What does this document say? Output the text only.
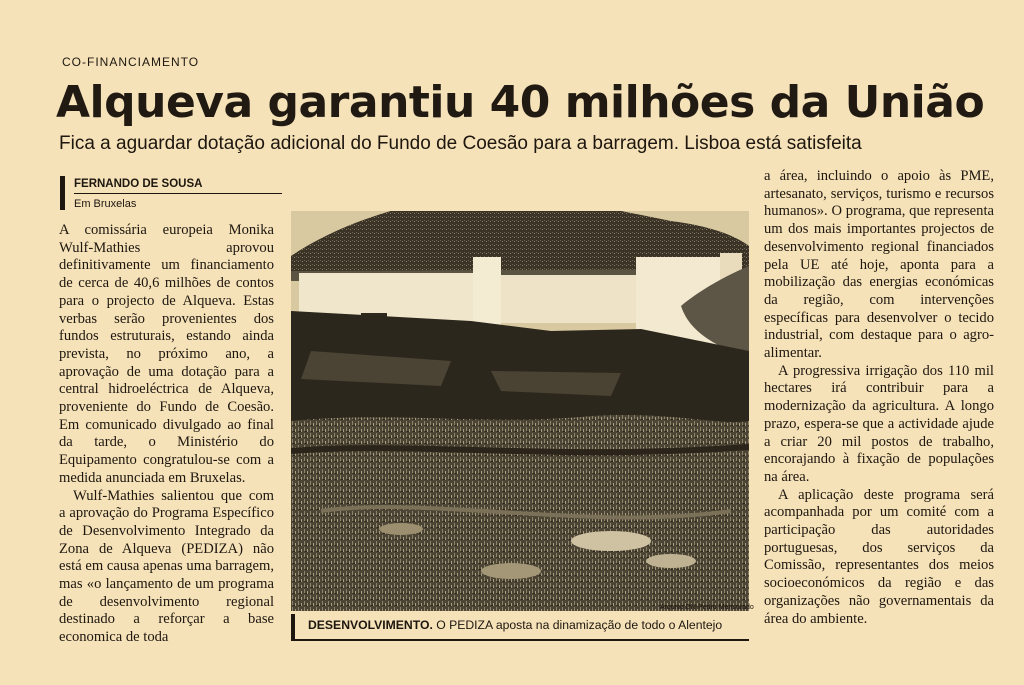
CO-FINANCIAMENTO
Alqueva garantiu 40 milhões da União
Fica a aguardar dotação adicional do Fundo de Coesão para a barragem. Lisboa está satisfeita
FERNANDO DE SOUSA
Em Bruxelas

A comissária europeia Monika Wulf-Mathies aprovou definitivamente um financiamento de cerca de 40,6 milhões de contos para o projecto de Alqueva. Estas verbas serão provenientes dos fundos estruturais, estando ainda prevista, no próximo ano, a aprovação de uma dotação para a central hidroeléctrica de Alqueva, proveniente do Fundo de Coesão. Em comunicado divulgado ao final da tarde, o Ministério do Equipamento congratulou-se com a medida anunciada em Bruxelas.

Wulf-Mathies salientou que com a aprovação do Programa Específico de Desenvolvimento Integrado da Zona de Alqueva (PEDIZA) não está em causa apenas uma barragem, mas «o lançamento de um programa de desenvolvimento regional destinado a reforçar a base economica de toda

Arquivo DN-Pedro Mensurado
DESENVOLVIMENTO. O PEDIZA aposta na dinamização de todo o Alentejo

a área, incluindo o apoio às PME, artesanato, serviços, turismo e recursos humanos». O programa, que representa um dos mais importantes projectos de desenvolvimento regional financiados pela UE até hoje, aponta para a mobilização das energias económicas da região, com intervenções específicas para desenvolver o tecido industrial, com destaque para o agro-alimentar.

A progressiva irrigação dos 110 mil hectares irá contribuir para a modernização da agricultura. A longo prazo, espera-se que a actividade ajude a criar 20 mil postos de trabalho, encorajando à fixação de populações na área.

A aplicação deste programa será acompanhada por um comité com a participação das autoridades portuguesas, dos serviços da Comissão, representantes dos meios socioeconómicos da região e das organizações não governamentais da área do ambiente.
